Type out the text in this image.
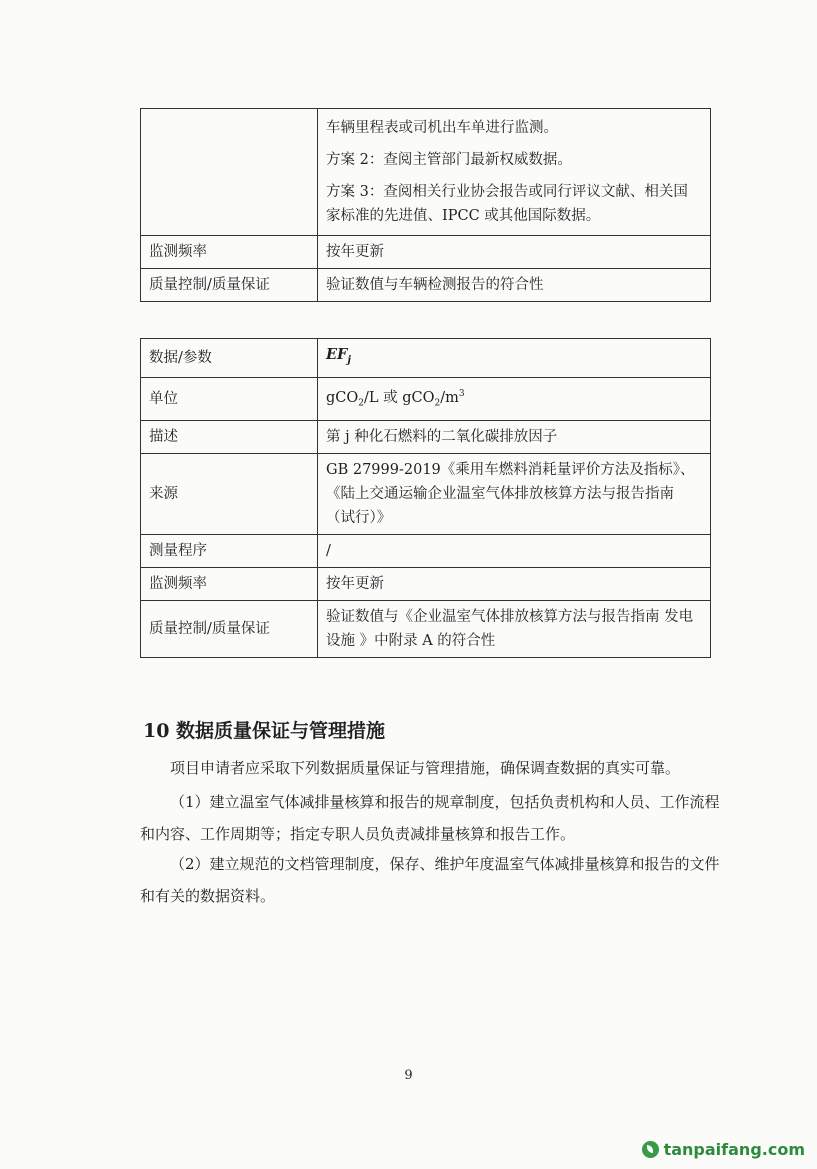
	车辆里程表或司机出车单进行监测。
方案 2：查阅主管部门最新权威数据。
方案 3：查阅相关行业协会报告或同行评议文献、相关国家标准的先进值、IPCC 或其他国际数据。

监测频率	按年更新
质量控制/质量保证	验证数值与车辆检测报告的符合性
数据/参数	$EF_j$
单位	gCO$_2$/L 或 $gCO_2/m^3$
描述	第 j 种化石燃料的二氧化碳排放因子
来源	GB 27999-2019《乘用车燃料消耗量评价方法及指标》、《陆上交通运输企业温室气体排放核算方法与报告指南（试行）》
测量程序	/
监测频率	按年更新
质量控制/质量保证	验证数值与《企业温室气体排放核算方法与报告指南 发电设施 》中附录 A 的符合性
10 数据质量保证与管理措施

项目申请者应采取下列数据质量保证与管理措施，确保调查数据的真实可靠。

（1）建立温室气体减排量核算和报告的规章制度，包括负责机构和人员、工作流程和内容、工作周期等；指定专职人员负责减排量核算和报告工作。

（2）建立规范的文档管理制度，保存、维护年度温室气体减排量核算和报告的文件和有关的数据资料。

9
tanpaifang.com
